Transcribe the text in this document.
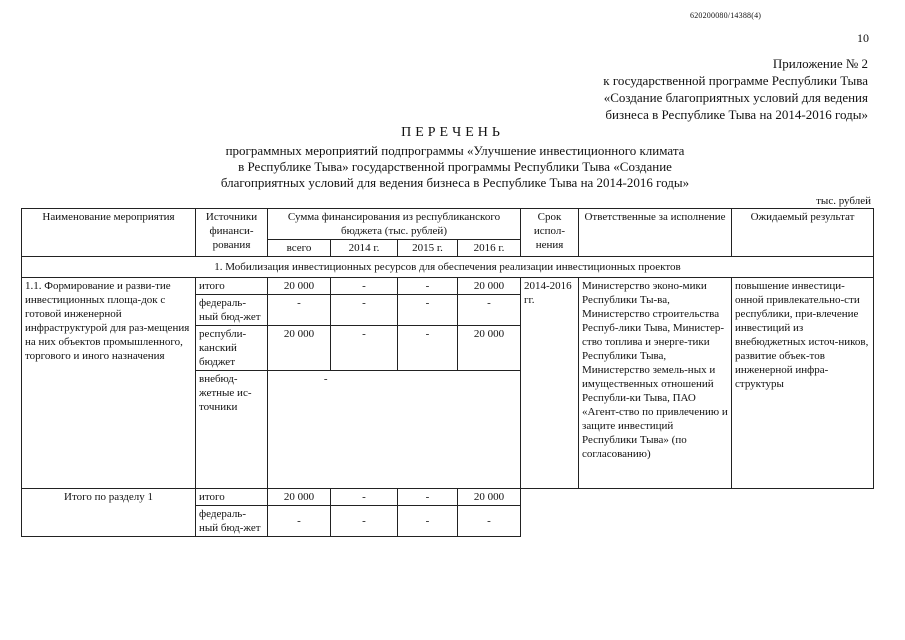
620200080/14388(4)
10
Приложение № 2
к государственной программе Республики Тыва
«Создание благоприятных условий для ведения
бизнеса в Республике Тыва на 2014-2016 годы»
ПЕРЕЧЕНЬ
программных мероприятий подпрограммы «Улучшение инвестиционного климата
в Республике Тыва» государственной программы Республики Тыва «Создание
благоприятных условий для ведения бизнеса в Республике Тыва на 2014-2016 годы»
тыс. рублей
Наименование мероприятия	Источники финанси-рования	Сумма финансирования из республиканского бюджета (тыс. рублей)				Срок испол-нения	Ответственные за исполнение	Ожидаемый результат
		всего	2014 г.	2015 г.	2016 г.			
1. Мобилизация инвестиционных ресурсов для обеспечения реализации инвестиционных проектов								
1.1. Формирование и разви-тие инвестиционных площа-док с готовой инженерной инфраструктурой для раз-мещения на них объектов промышленного, торгового и иного назначения	итого	20 000	-	-	20 000	2014-2016 гг.	Министерство эконо-мики Республики Ты-ва, Министерство строительства Респуб-лики Тыва, Министер-ство топлива и энерге-тики Республики Тыва, Министерство земель-ных и имущественных отношений Республи-ки Тыва, ПАО «Агент-ство по привлечению и защите инвестиций Республики Тыва» (по согласованию)	повышение инвестици-онной привлекательно-сти республики, при-влечение инвестиций из внебюджетных источ-ников, развитие объек-тов инженерной инфра-структуры
	федераль-ный бюд-жет	-	-	-	-			
	республи-канский бюджет	20 000	-	-	20 000			
	внебюд-жетные ис-точники	-						
Итого по разделу 1	итого	20 000	-	-	20 000			
	федераль-ный бюд-жет	-	-	-	-			
